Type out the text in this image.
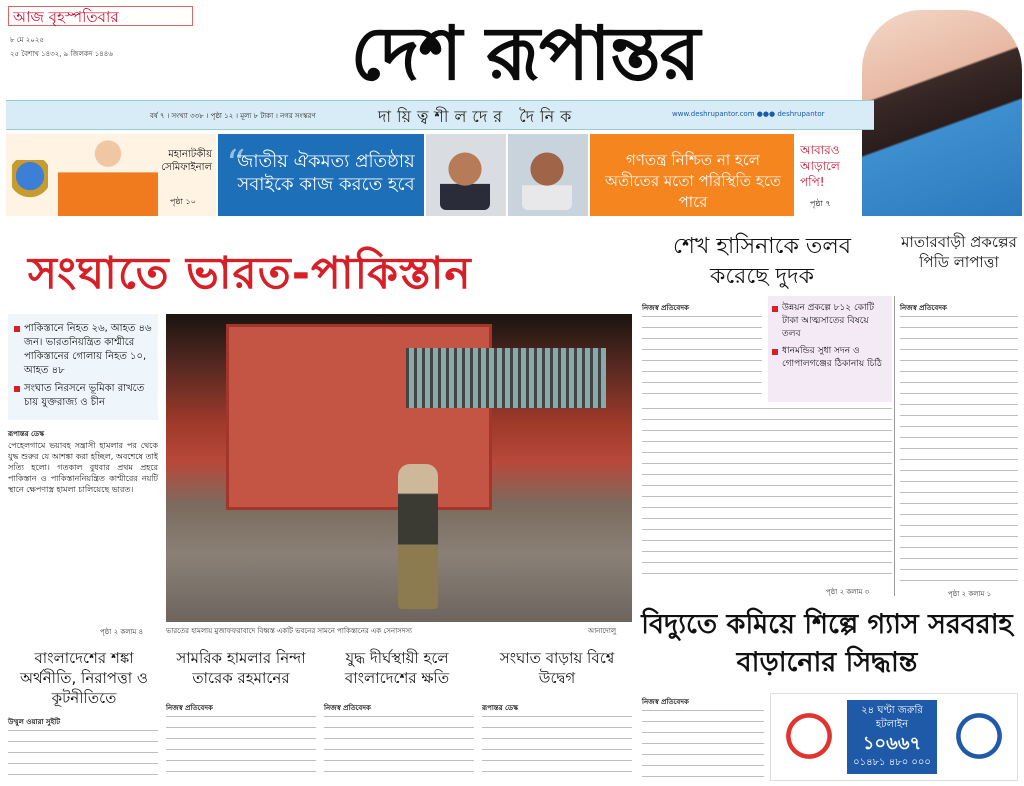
আজ বৃহস্পতিবার
৮ মে ২০২৫
২৫ বৈশাখ ১৪৩২, ৯ জিলকদ ১৪৪৬	দেশ রূপান্তর
বর্ষ ৭ । সংখ্যা ৩৩৮ । পৃষ্ঠা ১২ । মূল্য ৮ টাকা । নগর সংস্করণ	দায়িত্বশীলদের দৈনিক	www.deshrupantor.com ●●● deshrupantor
মহানাটকীয় সেমিফাইনাল
পৃষ্ঠা ১০
“
জাতীয় ঐকমত্য প্রতিষ্ঠায় সবাইকে কাজ করতে হবে
গণতন্ত্র নিশ্চিত না হলে অতীতের মতো পরিস্থিতি হতে পারে
আবারও আড়ালে পপি!
পৃষ্ঠা ৭
সংঘাতে ভারত-পাকিস্তান
পাকিস্তানে নিহত ২৬, আহত ৪৬ জন। ভারতনিয়ন্ত্রিত কাশ্মীরে পাকিস্তানের গোলায় নিহত ১০, আহত ৪৮
সংঘাত নিরসনে ভূমিকা রাখতে চায় যুক্তরাজ্য ও চীন
রূপান্তর ডেস্ক
পেহেলগামে ভয়াবহ সন্ত্রাসী হামলার পর থেকে যুদ্ধ শুরুর যে আশঙ্কা করা হচ্ছিল, অবশেষে তাই সত্যি হলো। গতকাল বুধবার প্রথম প্রহরে পাকিস্তান ও পাকিস্তাননিয়ন্ত্রিত কাশ্মীরের নয়টি স্থানে ক্ষেপণাস্ত্র হামলা চালিয়েছে ভারত।
পৃষ্ঠা ২ কলাম ৪	ভারতের হামলায় মুজাফফরাবাদে বিধ্বস্ত একটি ভবনের সামনে পাকিস্তানের এক সেনাসদস্য	আনাদোলু
শেখ হাসিনাকে তলব করেছে দুদক
নিজস্ব প্রতিবেদক	উন্নয়ন প্রকল্পে ৮১২ কোটি টাকা আত্মসাতের বিষয়ে তলব
ধানমন্ডির সুধা সদন ও গোপালগঞ্জের ঠিকানায় চিঠি
পৃষ্ঠা ২ কলাম ৩
মাতারবাড়ী প্রকল্পের পিডি লাপাত্তা
নিজস্ব প্রতিবেদক
পৃষ্ঠা ২ কলাম ১
বিদ্যুতে কমিয়ে শিল্পে গ্যাস সরবরাহ বাড়ানোর সিদ্ধান্ত
নিজস্ব প্রতিবেদক
২৪ ঘণ্টা জরুরি হটলাইন
১০৬৬৭
০১৪৮১ ৪৮০ ০০০
বাংলাদেশের শঙ্কা অর্থনীতি, নিরাপত্তা ও কূটনীতিতে
উম্মুল ওয়ারা সুইটি
সামরিক হামলার নিন্দা তারেক রহমানের
নিজস্ব প্রতিবেদক
যুদ্ধ দীর্ঘস্থায়ী হলে বাংলাদেশের ক্ষতি
নিজস্ব প্রতিবেদক
সংঘাত বাড়ায় বিশ্বে উদ্বেগ
রূপান্তর ডেস্ক
